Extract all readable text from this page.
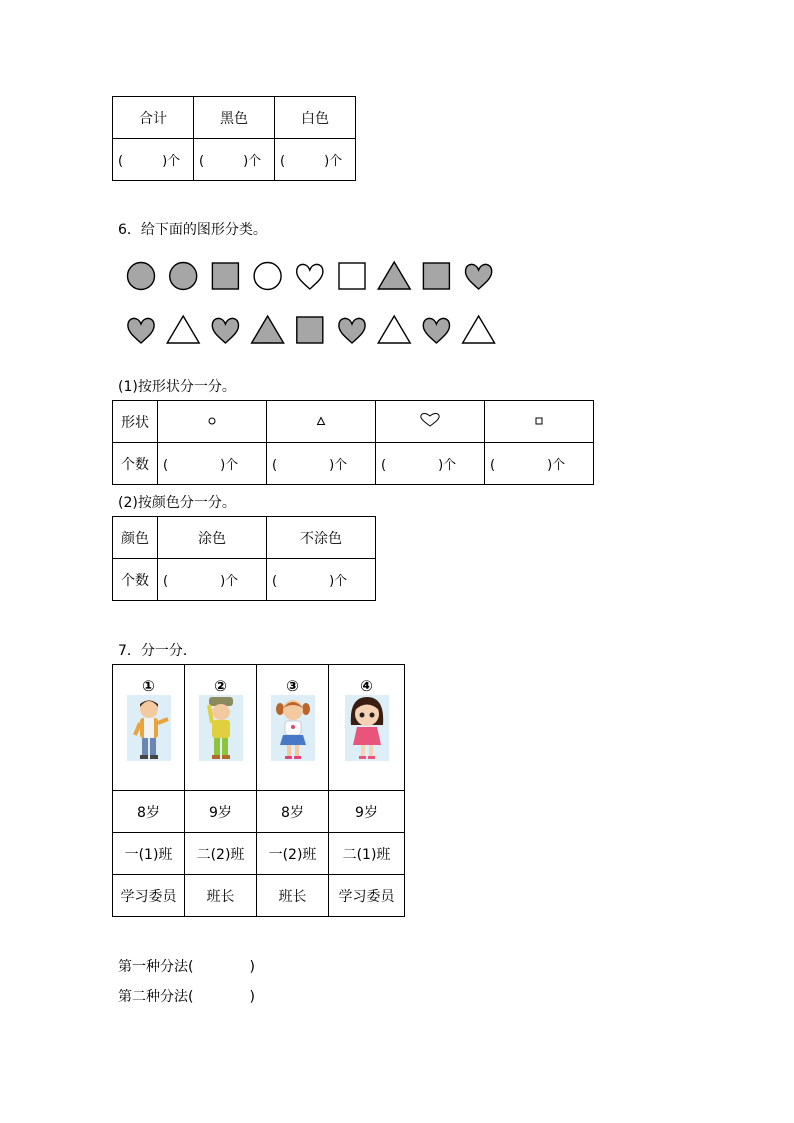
合计	黑色	白色

(　　　)个	(　　　)个	(　　　)个
6．给下面的图形分类。
(1)按形状分一分。
形状				
个数	(　　　　)个	(　　　　)个	(　　　　)个	(　　　　)个
(2)按颜色分一分。
颜色	涂色	不涂色
个数	(　　　　)个	(　　　　)个
7．分一分．
①	②	③	④

8岁	9岁	8岁	9岁
一(1)班	二(2)班	一(2)班	二(1)班
学习委员	班长	班长	学习委员
第一种分法(　　　　)
第二种分法(　　　　)
